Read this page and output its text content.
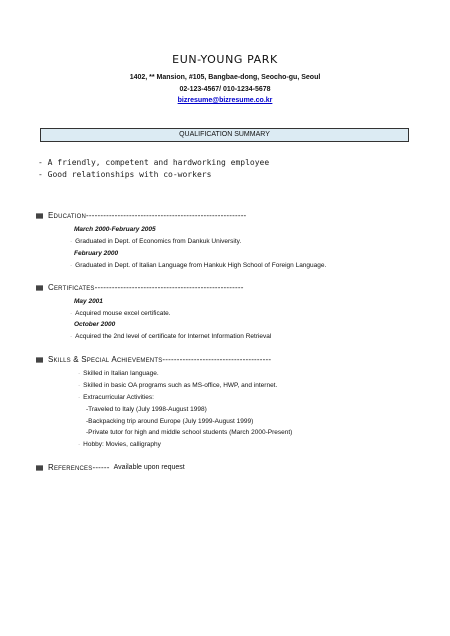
EUN-YOUNG PARK
1402, ** Mansion, #105, Bangbae-dong, Seocho-gu, Seoul
02-123-4567/ 010-1234-5678
bizresume@bizresume.co.kr
QUALIFICATION SUMMARY
- A friendly, competent and hardworking employee
- Good relationships with co-workers
Education --------------------------------------------------------
March 2000-February 2005
· Graduated in Dept. of Economics from Dankuk University.
February 2000
· Graduated in Dept. of Italian Language from Hankuk High School of Foreign Language.
Certificates ----------------------------------------------------
May 2001
· Acquired mouse excel certificate.
October 2000
· Acquired the 2nd level of certificate for Internet Information Retrieval
Skills & Special Achievements --------------------------------------
· Skilled in Italian language.
· Skilled in basic OA programs such as MS-office, HWP, and internet.
· Extracurricular Activities:
-Traveled to Italy (July 1998-August 1998)
-Backpacking trip around Europe (July 1999-August 1999)
-Private tutor for high and middle school students (March 2000-Present)
· Hobby: Movies, calligraphy
References ------ Available upon request
